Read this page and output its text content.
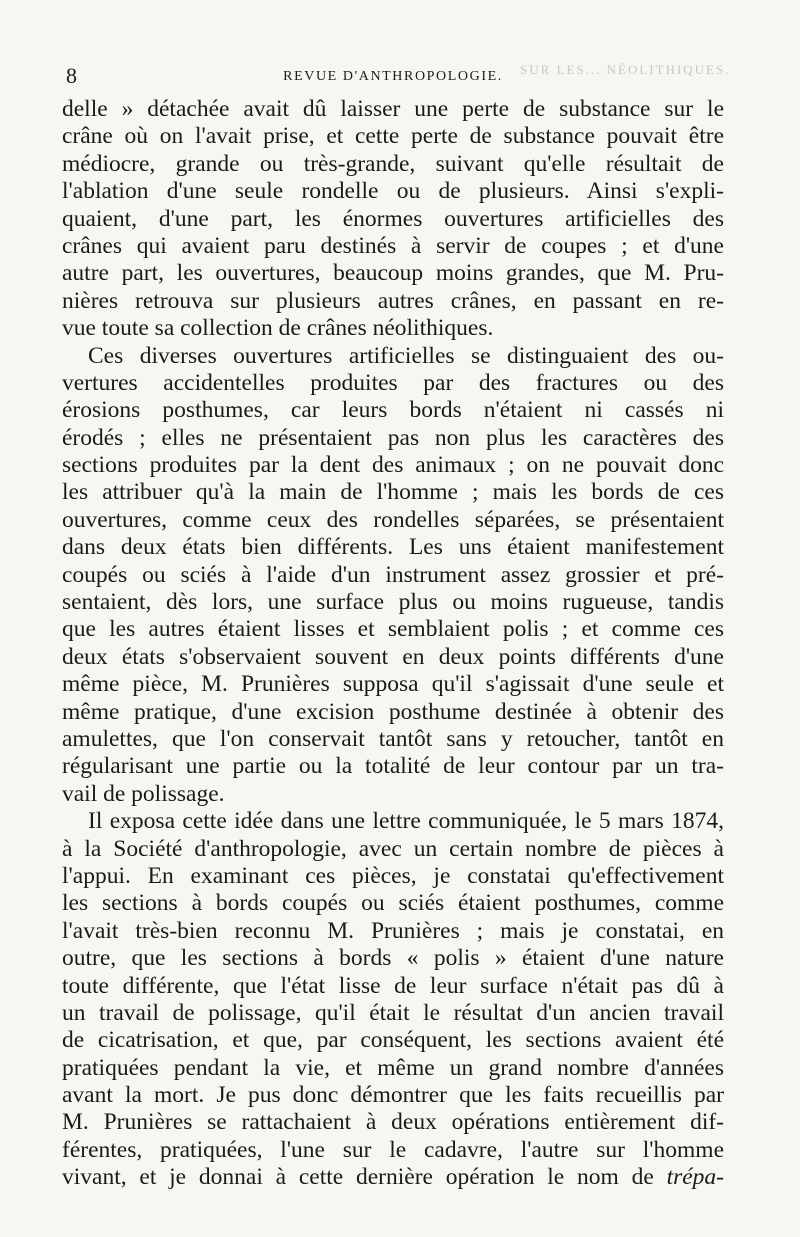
SUR LES... NÉOLITHIQUES.
8	REVUE D'ANTHROPOLOGIE.
delle » détachée avait dû laisser une perte de substance sur le
crâne où on l'avait prise, et cette perte de substance pouvait être
médiocre, grande ou très-grande, suivant qu'elle résultait de
l'ablation d'une seule rondelle ou de plusieurs. Ainsi s'expli-
quaient, d'une part, les énormes ouvertures artificielles des
crânes qui avaient paru destinés à servir de coupes ; et d'une
autre part, les ouvertures, beaucoup moins grandes, que M. Pru-
nières retrouva sur plusieurs autres crânes, en passant en re-
vue toute sa collection de crânes néolithiques.
Ces diverses ouvertures artificielles se distinguaient des ou-
vertures accidentelles produites par des fractures ou des
érosions posthumes, car leurs bords n'étaient ni cassés ni
érodés ; elles ne présentaient pas non plus les caractères des
sections produites par la dent des animaux ; on ne pouvait donc
les attribuer qu'à la main de l'homme ; mais les bords de ces
ouvertures, comme ceux des rondelles séparées, se présentaient
dans deux états bien différents. Les uns étaient manifestement
coupés ou sciés à l'aide d'un instrument assez grossier et pré-
sentaient, dès lors, une surface plus ou moins rugueuse, tandis
que les autres étaient lisses et semblaient polis ; et comme ces
deux états s'observaient souvent en deux points différents d'une
même pièce, M. Prunières supposa qu'il s'agissait d'une seule et
même pratique, d'une excision posthume destinée à obtenir des
amulettes, que l'on conservait tantôt sans y retoucher, tantôt en
régularisant une partie ou la totalité de leur contour par un tra-
vail de polissage.
Il exposa cette idée dans une lettre communiquée, le 5 mars 1874,
à la Société d'anthropologie, avec un certain nombre de pièces à
l'appui. En examinant ces pièces, je constatai qu'effectivement
les sections à bords coupés ou sciés étaient posthumes, comme
l'avait très-bien reconnu M. Prunières ; mais je constatai, en
outre, que les sections à bords « polis » étaient d'une nature
toute différente, que l'état lisse de leur surface n'était pas dû à
un travail de polissage, qu'il était le résultat d'un ancien travail
de cicatrisation, et que, par conséquent, les sections avaient été
pratiquées pendant la vie, et même un grand nombre d'années
avant la mort. Je pus donc démontrer que les faits recueillis par
M. Prunières se rattachaient à deux opérations entièrement dif-
férentes, pratiquées, l'une sur le cadavre, l'autre sur l'homme
vivant, et je donnai à cette dernière opération le nom de trépa-
